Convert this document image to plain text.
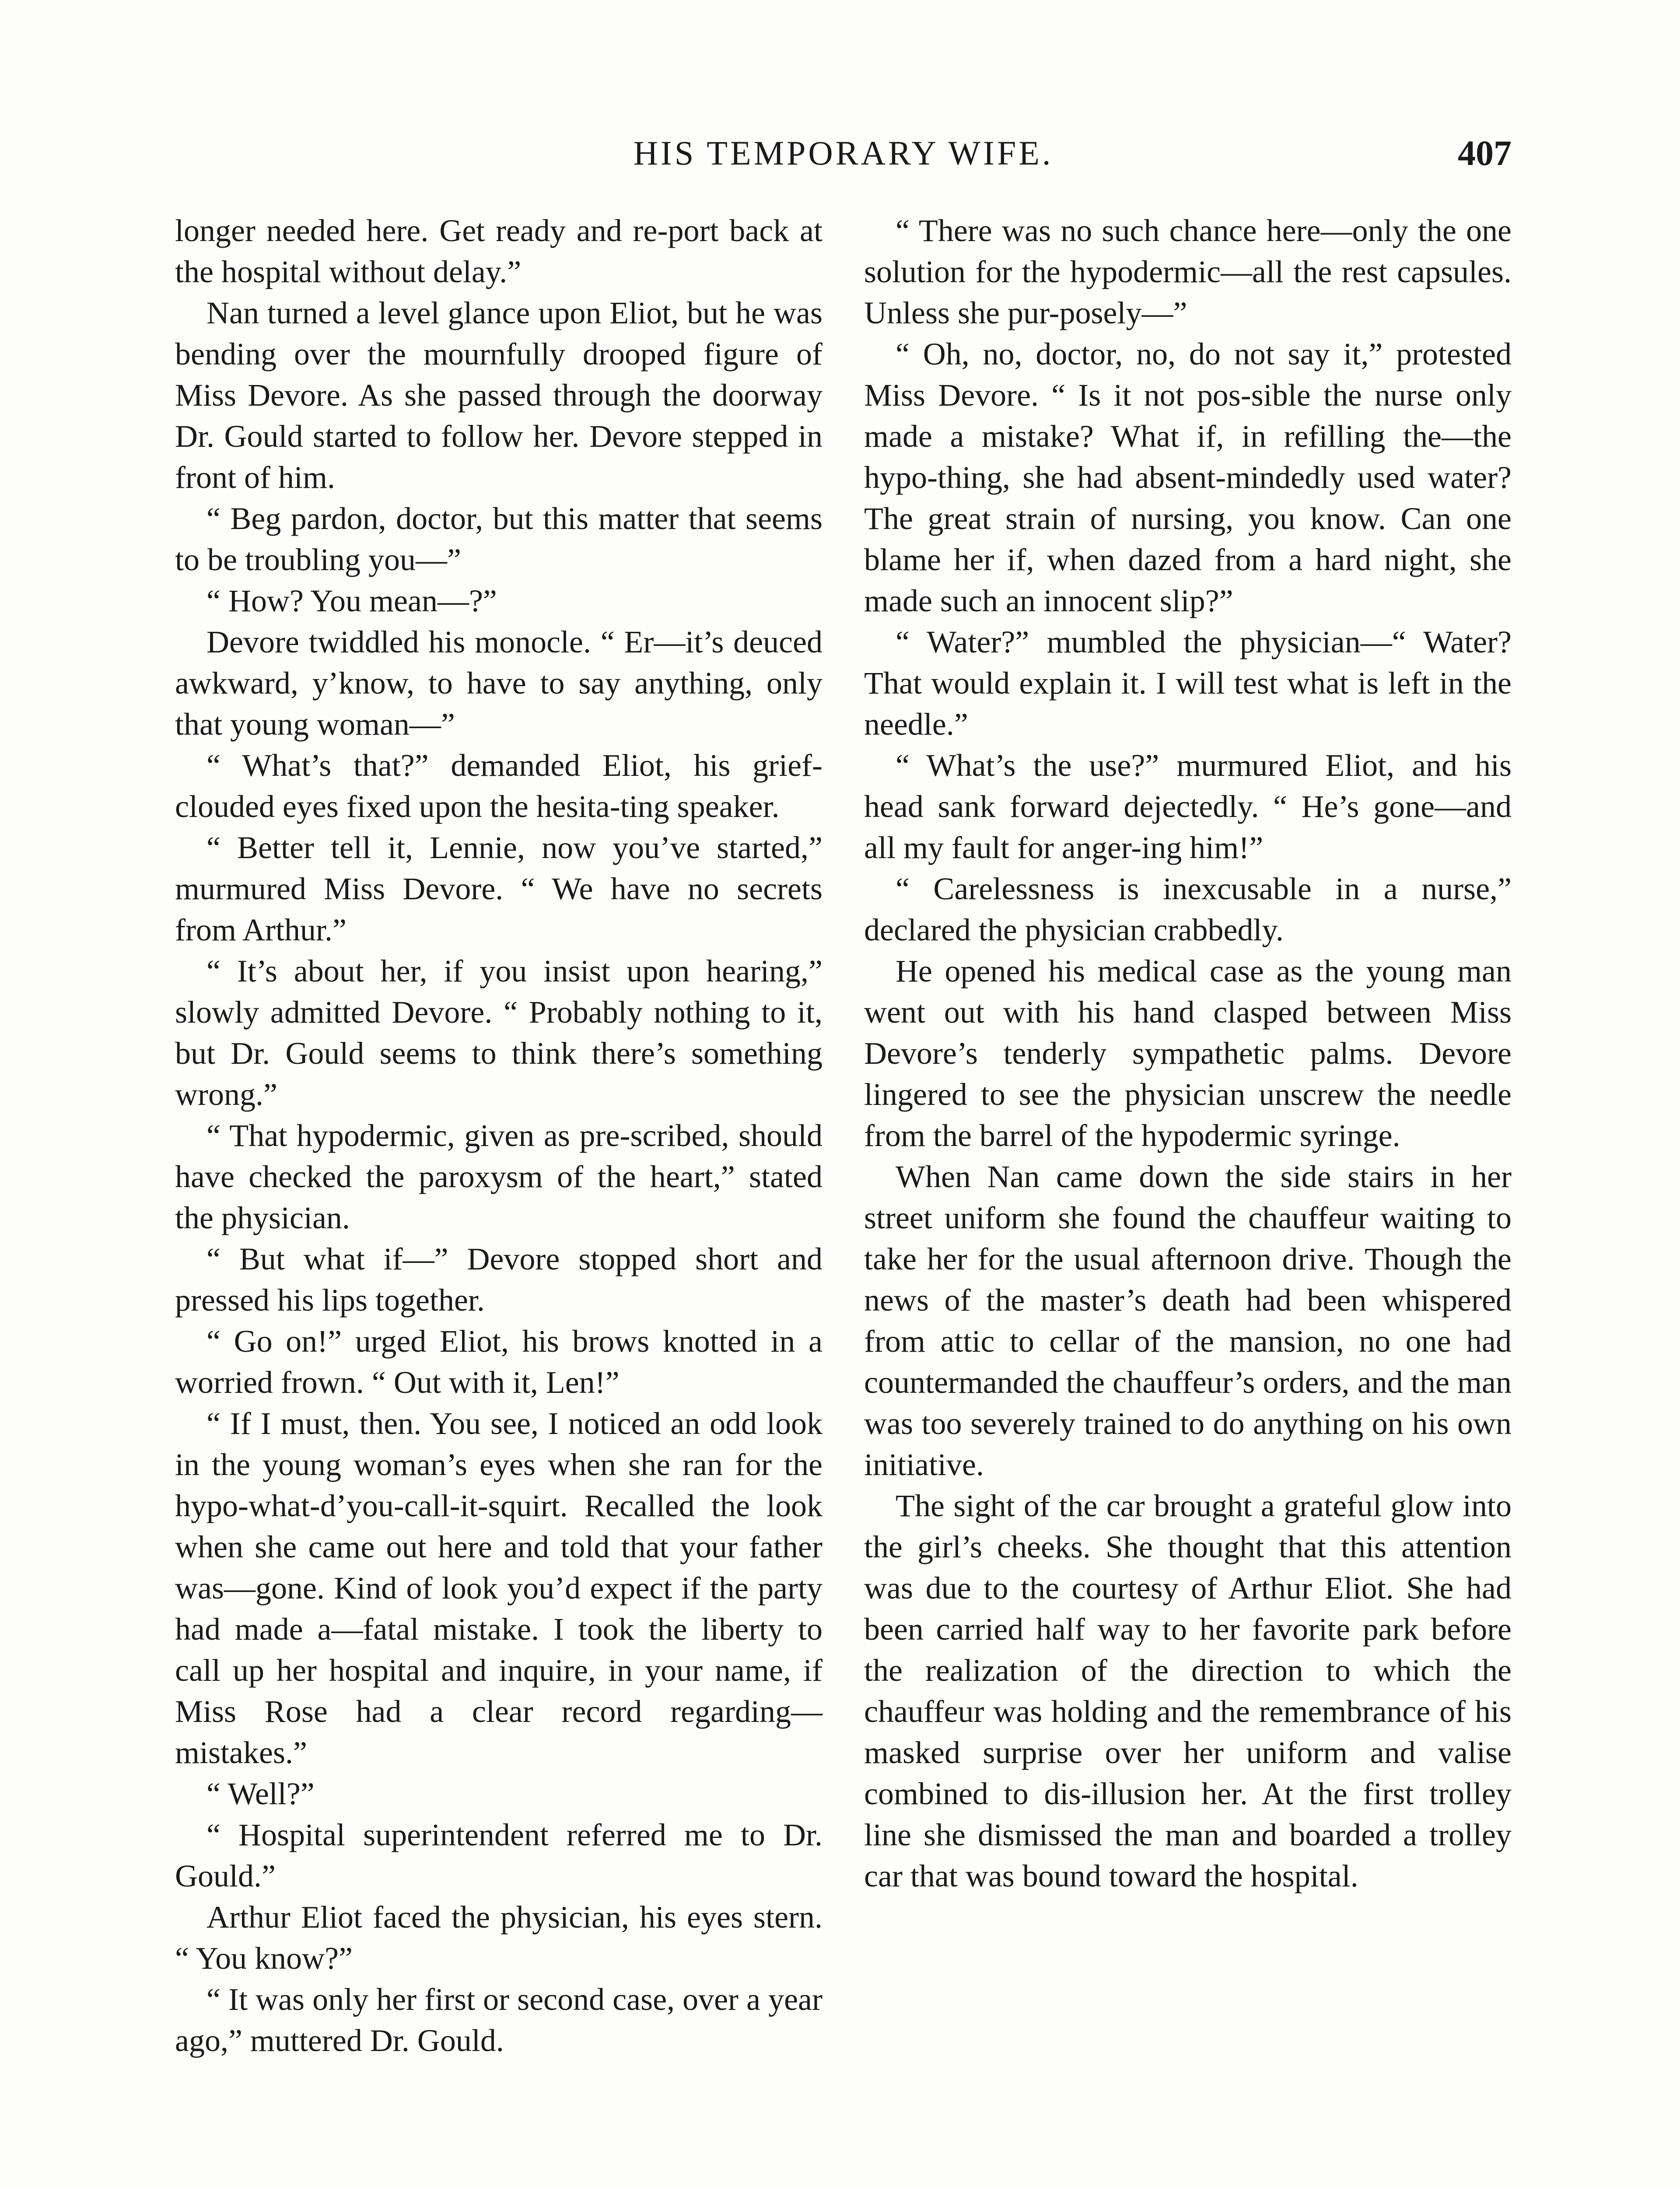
HIS TEMPORARY WIFE.	407

longer needed here. Get ready and re-port back at the hospital without delay.”

Nan turned a level glance upon Eliot, but he was bending over the mournfully drooped figure of Miss Devore. As she passed through the doorway Dr. Gould started to follow her. Devore stepped in front of him.

“ Beg pardon, doctor, but this matter that seems to be troubling you—”

“ How? You mean—?”

Devore twiddled his monocle. “ Er—it’s deuced awkward, y’know, to have to say anything, only that young woman—”

“ What’s that?” demanded Eliot, his grief-clouded eyes fixed upon the hesita-ting speaker.

“ Better tell it, Lennie, now you’ve started,” murmured Miss Devore. “ We have no secrets from Arthur.”

“ It’s about her, if you insist upon hearing,” slowly admitted Devore. “ Probably nothing to it, but Dr. Gould seems to think there’s something wrong.”

“ That hypodermic, given as pre-scribed, should have checked the paroxysm of the heart,” stated the physician.

“ But what if—” Devore stopped short and pressed his lips together.

“ Go on!” urged Eliot, his brows knotted in a worried frown. “ Out with it, Len!”

“ If I must, then. You see, I noticed an odd look in the young woman’s eyes when she ran for the hypo-what-d’you-call-it-squirt. Recalled the look when she came out here and told that your father was—gone. Kind of look you’d expect if the party had made a—fatal mistake. I took the liberty to call up her hospital and inquire, in your name, if Miss Rose had a clear record regarding—mistakes.”

“ Well?”

“ Hospital superintendent referred me to Dr. Gould.”

Arthur Eliot faced the physician, his eyes stern. “ You know?”

“ It was only her first or second case, over a year ago,” muttered Dr. Gould.

“ There was no such chance here—only the one solution for the hypodermic—all the rest capsules. Unless she pur-posely—”

“ Oh, no, doctor, no, do not say it,” protested Miss Devore. “ Is it not pos-sible the nurse only made a mistake? What if, in refilling the—the hypo-thing, she had absent-mindedly used water? The great strain of nursing, you know. Can one blame her if, when dazed from a hard night, she made such an innocent slip?”

“ Water?” mumbled the physician—“ Water? That would explain it. I will test what is left in the needle.”

“ What’s the use?” murmured Eliot, and his head sank forward dejectedly. “ He’s gone—and all my fault for anger-ing him!”

“ Carelessness is inexcusable in a nurse,” declared the physician crabbedly.

He opened his medical case as the young man went out with his hand clasped between Miss Devore’s tenderly sympathetic palms. Devore lingered to see the physician unscrew the needle from the barrel of the hypodermic syringe.

When Nan came down the side stairs in her street uniform she found the chauffeur waiting to take her for the usual afternoon drive. Though the news of the master’s death had been whispered from attic to cellar of the mansion, no one had countermanded the chauffeur’s orders, and the man was too severely trained to do anything on his own initiative.

The sight of the car brought a grateful glow into the girl’s cheeks. She thought that this attention was due to the courtesy of Arthur Eliot. She had been carried half way to her favorite park before the realization of the direction to which the chauffeur was holding and the remembrance of his masked surprise over her uniform and valise combined to dis-illusion her. At the first trolley line she dismissed the man and boarded a trolley car that was bound toward the hospital.
